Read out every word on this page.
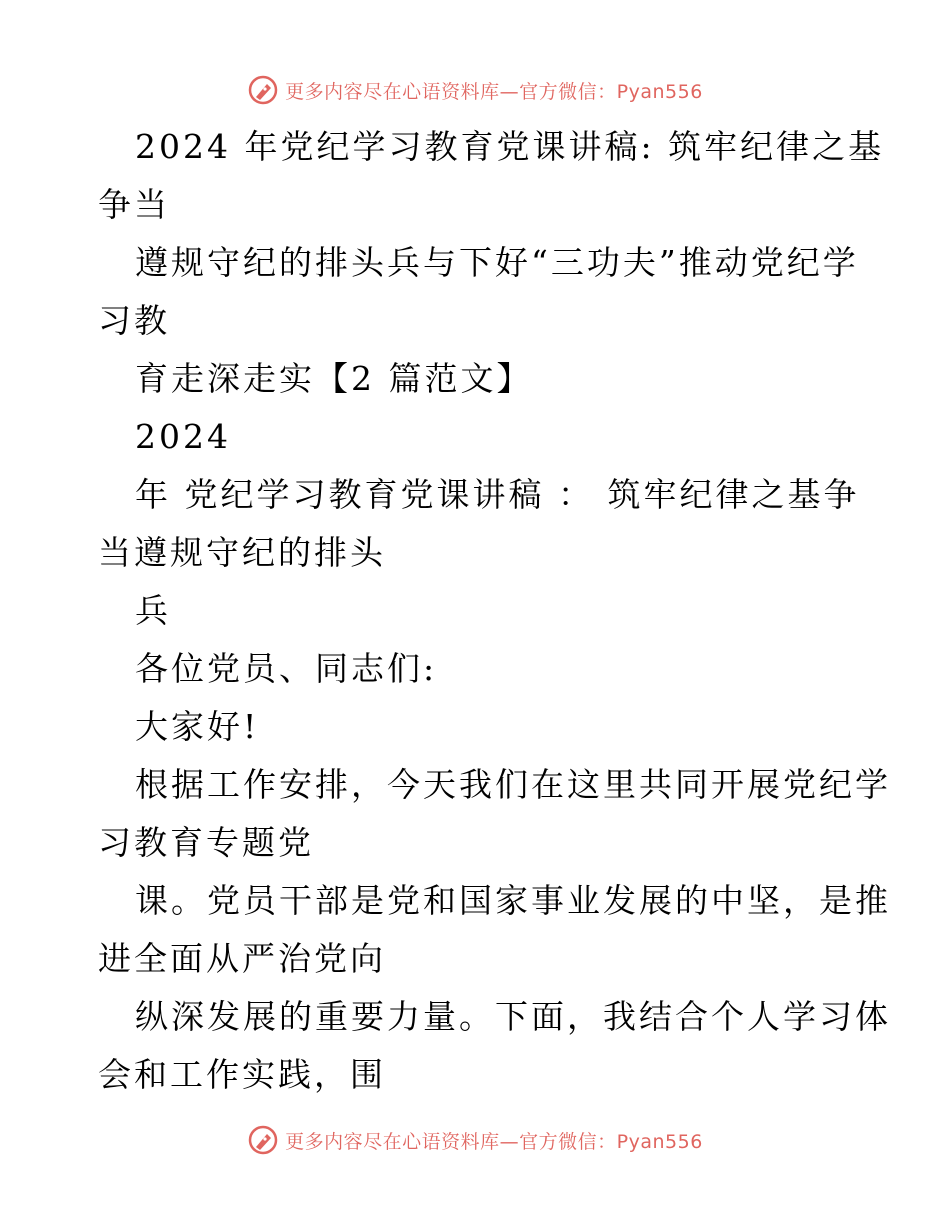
更多内容尽在心语资料库—官方微信：Pyan556
2024 年党纪学习教育党课讲稿: 筑牢纪律之基
争当
遵规守纪的排头兵与下好“三功夫”推动党纪学
习教
育走深走实【2 篇范文】
2024
年 党纪学习教育党课讲稿 ： 筑牢纪律之基争
当遵规守纪的排头
兵
各位党员、同志们:
大家好!
根据工作安排，今天我们在这里共同开展党纪学
习教育专题党
课。党员干部是党和国家事业发展的中坚，是推
进全面从严治党向
纵深发展的重要力量。下面，我结合个人学习体
会和工作实践，围
更多内容尽在心语资料库—官方微信：Pyan556
